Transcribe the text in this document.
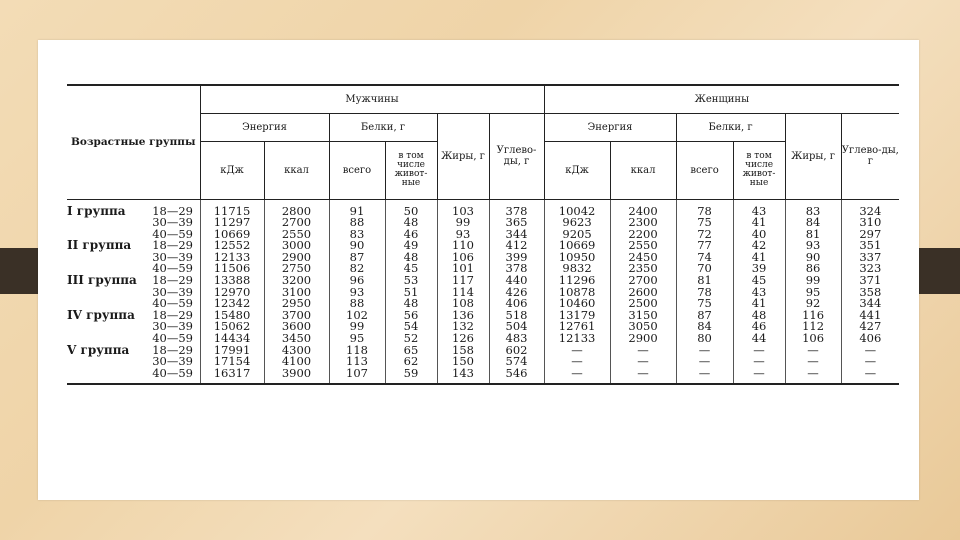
Возрастные группы	Мужчины						Женщины					
	Энергия		Белки, г		Жиры, г	Углево-ды, г	Энергия		Белки, г		Жиры, г	Углево-ды, г
	кДж	ккал	всего	в том числе живот-ные			кДж	ккал	всего	в том числе живот-ные		
I группа 18—29	11715	2800	91	50	103	378	10042	2400	78	43	83	324
30—39	11297	2700	88	48	99	365	9623	2300	75	41	84	310
40—59	10669	2550	83	46	93	344	9205	2200	72	40	81	297
II группа 18—29	12552	3000	90	49	110	412	10669	2550	77	42	93	351
30—39	12133	2900	87	48	106	399	10950	2450	74	41	90	337
40—59	11506	2750	82	45	101	378	9832	2350	70	39	86	323
III группа 18—29	13388	3200	96	53	117	440	11296	2700	81	45	99	371
30—39	12970	3100	93	51	114	426	10878	2600	78	43	95	358
40—59	12342	2950	88	48	108	406	10460	2500	75	41	92	344
IV группа 18—29	15480	3700	102	56	136	518	13179	3150	87	48	116	441
30—39	15062	3600	99	54	132	504	12761	3050	84	46	112	427
40—59	14434	3450	95	52	126	483	12133	2900	80	44	106	406
V группа 18—29	17991	4300	118	65	158	602	—	—	—	—	—	—
30—39	17154	4100	113	62	150	574	—	—	—	—	—	—
40—59	16317	3900	107	59	143	546	—	—	—	—	—	—
